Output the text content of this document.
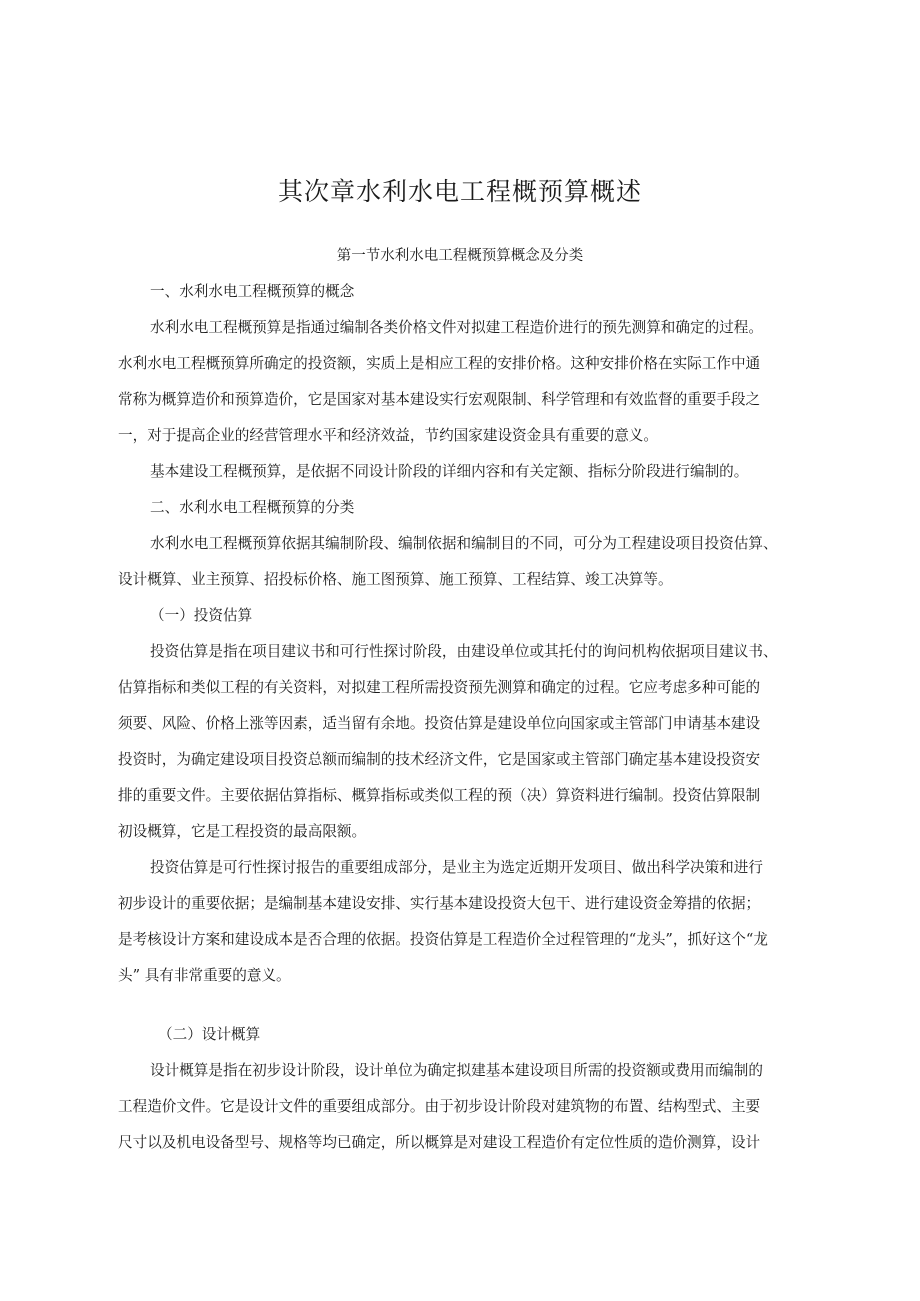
其次章水利水电工程概预算概述
第一节水利水电工程概预算概念及分类

一、水利水电工程概预算的概念

水利水电工程概预算是指通过编制各类价格文件对拟建工程造价进行的预先测算和确定的过程。

水利水电工程概预算所确定的投资额，实质上是相应工程的安排价格。这种安排价格在实际工作中通

常称为概算造价和预算造价，它是国家对基本建设实行宏观限制、科学管理和有效监督的重要手段之

一，对于提高企业的经营管理水平和经济效益，节约国家建设资金具有重要的意义。

基本建设工程概预算，是依据不同设计阶段的详细内容和有关定额、指标分阶段进行编制的。

二、水利水电工程概预算的分类

水利水电工程概预算依据其编制阶段、编制依据和编制目的不同，可分为工程建设项目投资估算、

设计概算、业主预算、招投标价格、施工图预算、施工预算、工程结算、竣工决算等。

（一）投资估算

投资估算是指在项目建议书和可行性探讨阶段，由建设单位或其托付的询问机构依据项目建议书、

估算指标和类似工程的有关资料，对拟建工程所需投资预先测算和确定的过程。它应考虑多种可能的

须要、风险、价格上涨等因素，适当留有余地。投资估算是建设单位向国家或主管部门申请基本建设

投资时，为确定建设项目投资总额而编制的技术经济文件，它是国家或主管部门确定基本建设投资安

排的重要文件。主要依据估算指标、概算指标或类似工程的预（决）算资料进行编制。投资估算限制

初设概算，它是工程投资的最高限额。

投资估算是可行性探讨报告的重要组成部分，是业主为选定近期开发项目、做出科学决策和进行

初步设计的重要依据；是编制基本建设安排、实行基本建设投资大包干、进行建设资金筹措的依据；

是考核设计方案和建设成本是否合理的依据。投资估算是工程造价全过程管理的“龙头”，抓好这个“龙

头” 具有非常重要的意义。

（二）设计概算

设计概算是指在初步设计阶段，设计单位为确定拟建基本建设项目所需的投资额或费用而编制的

工程造价文件。它是设计文件的重要组成部分。由于初步设计阶段对建筑物的布置、结构型式、主要

尺寸以及机电设备型号、规格等均已确定，所以概算是对建设工程造价有定位性质的造价测算，设计
